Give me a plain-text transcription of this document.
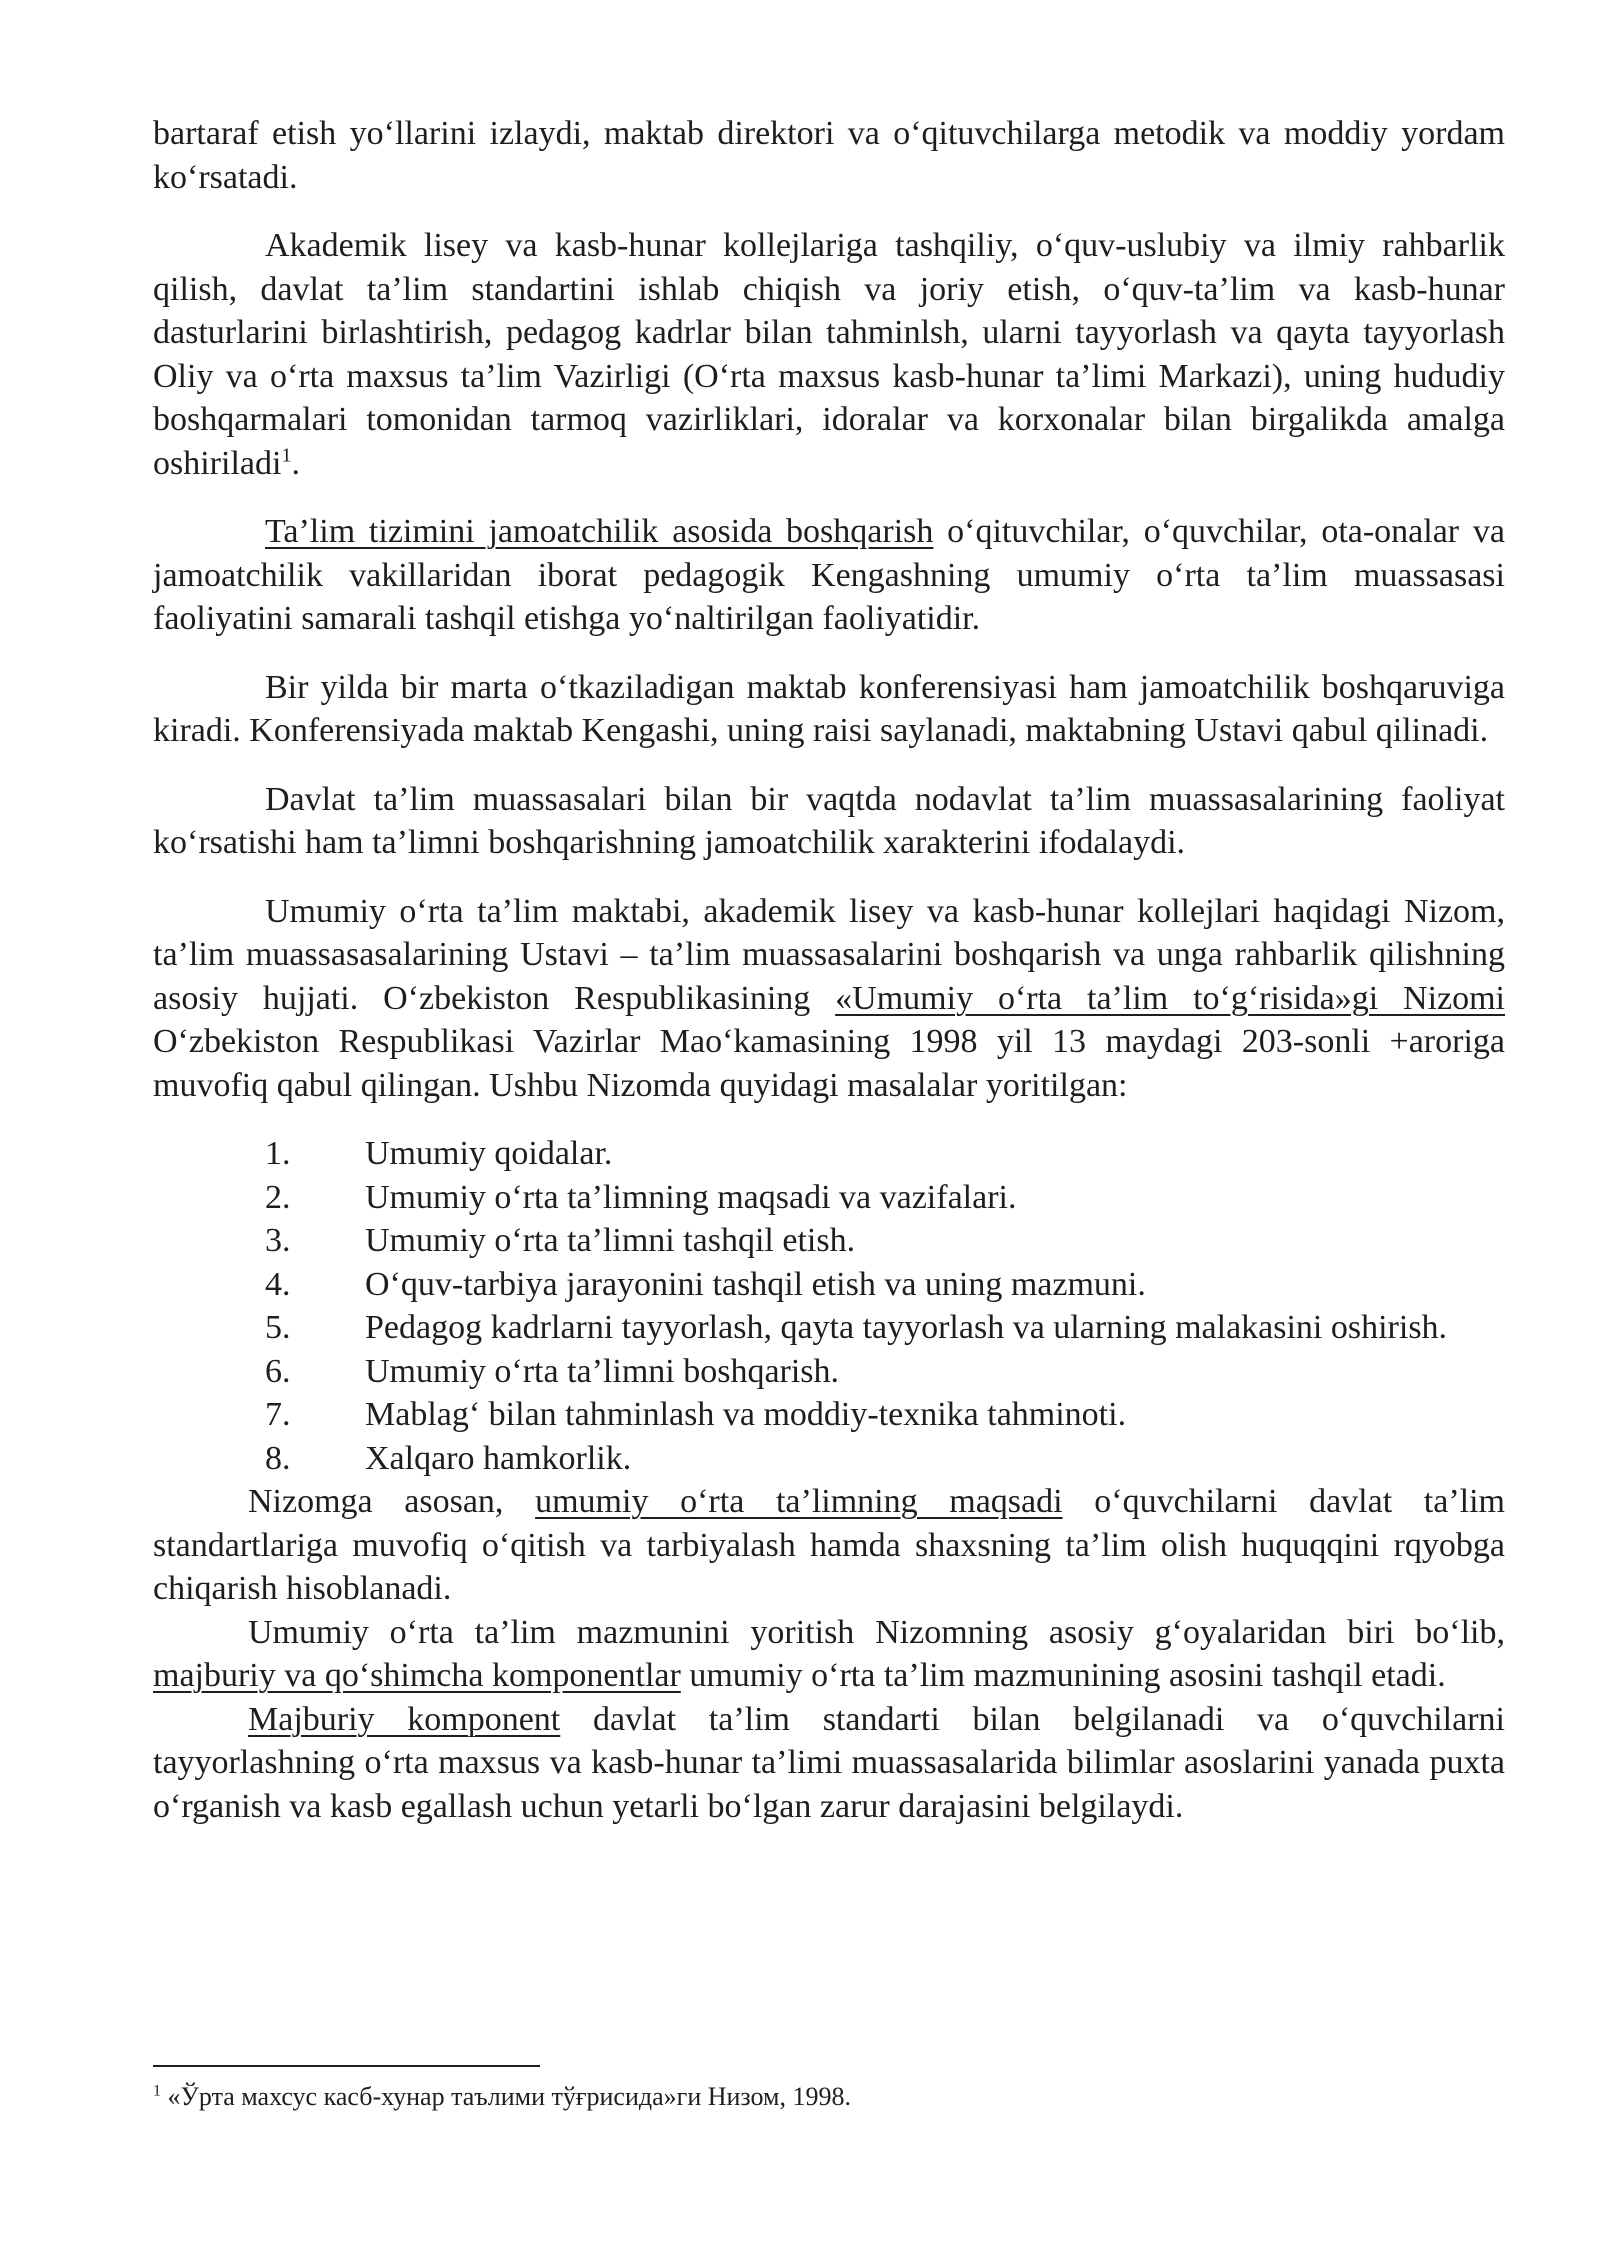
bartaraf etish yo‘llarini izlaydi, maktab direktori va o‘qituvchilarga metodik va moddiy yordam ko‘rsatadi.

Akademik lisey va kasb-hunar kollejlariga tashqiliy, o‘quv-uslubiy va ilmiy rahbarlik qilish, davlat ta’lim standartini ishlab chiqish va joriy etish, o‘quv-ta’lim va kasb-hunar dasturlarini birlashtirish, pedagog kadrlar bilan tahminlsh, ularni tayyorlash va qayta tayyorlash Oliy va o‘rta maxsus ta’lim Vazirligi (O‘rta maxsus kasb-hunar ta’limi Markazi), uning hududiy boshqarmalari tomonidan tarmoq vazirliklari, idoralar va korxonalar bilan birgalikda amalga oshiriladi$^1$.

Ta’lim tizimini jamoatchilik asosida boshqarish o‘qituvchilar, o‘quvchilar, ota-onalar va jamoatchilik vakillaridan iborat pedagogik Kengashning umumiy o‘rta ta’lim muassasasi faoliyatini samarali tashqil etishga yo‘naltirilgan faoliyatidir.

Bir yilda bir marta o‘tkaziladigan maktab konferensiyasi ham jamoatchilik boshqaruviga kiradi. Konferensiyada maktab Kengashi, uning raisi saylanadi, maktabning Ustavi qabul qilinadi.

Davlat ta’lim muassasalari bilan bir vaqtda nodavlat ta’lim muassasalarining faoliyat ko‘rsatishi ham ta’limni boshqarishning jamoatchilik xarakterini ifodalaydi.

Umumiy o‘rta ta’lim maktabi, akademik lisey va kasb-hunar kollejlari haqidagi Nizom, ta’lim muassasasalarining Ustavi – ta’lim muassasalarini boshqarish va unga rahbarlik qilishning asosiy hujjati. O‘zbekiston Respublikasining «Umumiy o‘rta ta’lim to‘g‘risida»gi Nizomi O‘zbekiston Respublikasi Vazirlar Mao‘kamasining 1998 yil 13 maydagi 203-sonli +aroriga muvofiq qabul qilingan. Ushbu Nizomda quyidagi masalalar yoritilgan:

1.	Umumiy qoidalar.
2.	Umumiy o‘rta ta’limning maqsadi va vazifalari.
3.	Umumiy o‘rta ta’limni tashqil etish.
4.	O‘quv-tarbiya jarayonini tashqil etish va uning mazmuni.
5. Pedagog kadrlarni tayyorlash, qayta tayyorlash va ularning malakasini oshirish.
6.	Umumiy o‘rta ta’limni boshqarish.
7.	Mablag‘ bilan tahminlash va moddiy-texnika tahminoti.
8.	Xalqaro hamkorlik.

Nizomga asosan, umumiy o‘rta ta’limning maqsadi o‘quvchilarni davlat ta’lim standartlariga muvofiq o‘qitish va tarbiyalash hamda shaxsning ta’lim olish huquqqini rqyobga chiqarish hisoblanadi.

Umumiy o‘rta ta’lim mazmunini yoritish Nizomning asosiy g‘oyalaridan biri bo‘lib, majburiy va qo‘shimcha komponentlar umumiy o‘rta ta’lim mazmunining asosini tashqil etadi.

Majburiy komponent davlat ta’lim standarti bilan belgilanadi va o‘quvchilarni tayyorlashning o‘rta maxsus va kasb-hunar ta’limi muassasalarida bilimlar asoslarini yanada puxta o‘rganish va kasb egallash uchun yetarli bo‘lgan zarur darajasini belgilaydi.

$^1$ «Ўрта махсус касб-хунар таълими тўғрисида»ги Низом, 1998.
